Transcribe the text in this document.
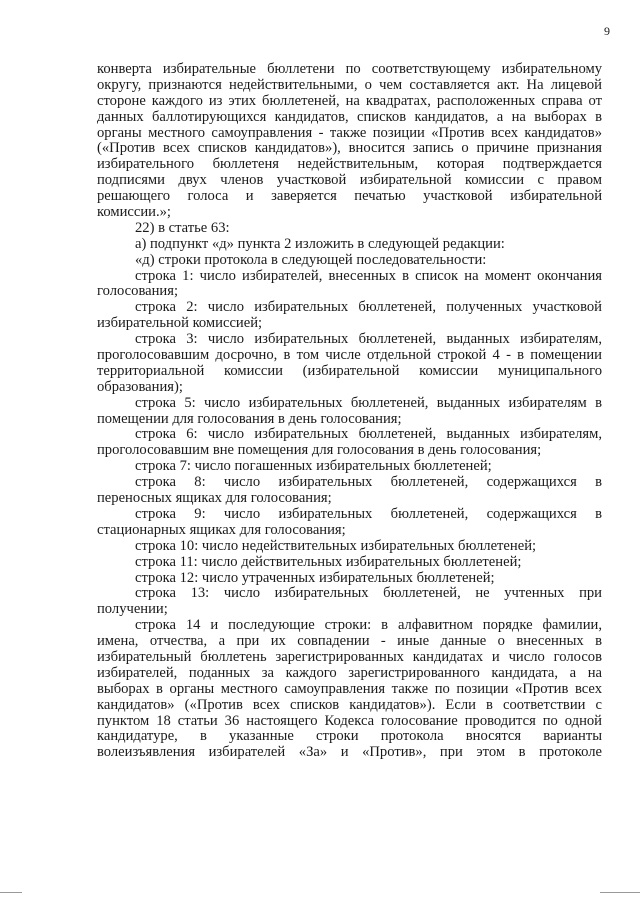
9
конверта избирательные бюллетени по соответствующему избирательному
округу, признаются недействительными, о чем составляется акт. На лицевой
стороне каждого из этих бюллетеней, на квадратах, расположенных справа от
данных баллотирующихся кандидатов, списков кандидатов, а на выборах в
органы местного самоуправления - также позиции «Против всех кандидатов»
(«Против всех списков кандидатов»), вносится запись о причине признания
избирательного бюллетеня недействительным, которая подтверждается
подписями двух членов участковой избирательной комиссии с правом
решающего голоса и заверяется печатью участковой избирательной
комиссии.»;
22) в статье 63:
а) подпункт «д» пункта 2 изложить в следующей редакции:
«д) строки протокола в следующей последовательности:
строка 1: число избирателей, внесенных в список на момент окончания
голосования;
строка 2: число избирательных бюллетеней, полученных участковой
избирательной комиссией;
строка 3: число избирательных бюллетеней, выданных избирателям,
проголосовавшим досрочно, в том числе отдельной строкой 4 - в помещении
территориальной комиссии (избирательной комиссии муниципального
образования);
строка 5: число избирательных бюллетеней, выданных избирателям в
помещении для голосования в день голосования;
строка 6: число избирательных бюллетеней, выданных избирателям,
проголосовавшим вне помещения для голосования в день голосования;
строка 7: число погашенных избирательных бюллетеней;
строка 8: число избирательных бюллетеней, содержащихся в
переносных ящиках для голосования;
строка 9: число избирательных бюллетеней, содержащихся в
стационарных ящиках для голосования;
строка 10: число недействительных избирательных бюллетеней;
строка 11: число действительных избирательных бюллетеней;
строка 12: число утраченных избирательных бюллетеней;
строка 13: число избирательных бюллетеней, не учтенных при
получении;
строка 14 и последующие строки: в алфавитном порядке фамилии,
имена, отчества, а при их совпадении - иные данные о внесенных в
избирательный бюллетень зарегистрированных кандидатах и число голосов
избирателей, поданных за каждого зарегистрированного кандидата, а на
выборах в органы местного самоуправления также по позиции «Против всех
кандидатов» («Против всех списков кандидатов»). Если в соответствии с
пунктом 18 статьи 36 настоящего Кодекса голосование проводится по одной
кандидатуре, в указанные строки протокола вносятся варианты
волеизъявления избирателей «За» и «Против», при этом в протоколе
